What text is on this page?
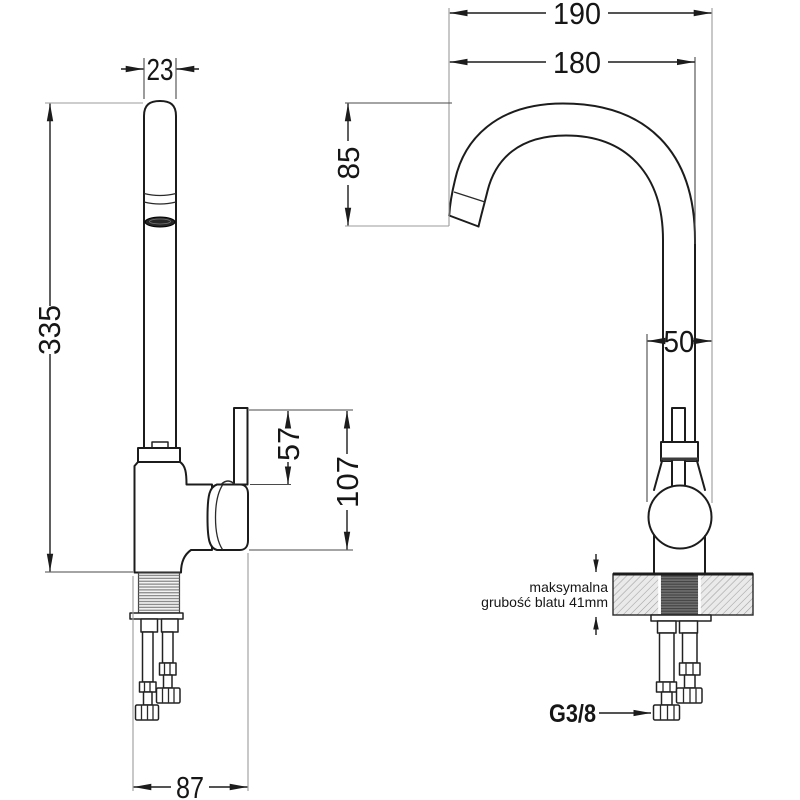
190
180
23
85
335
57
107
50
87
maksymalna
grubość blatu 41mm
G3/8
